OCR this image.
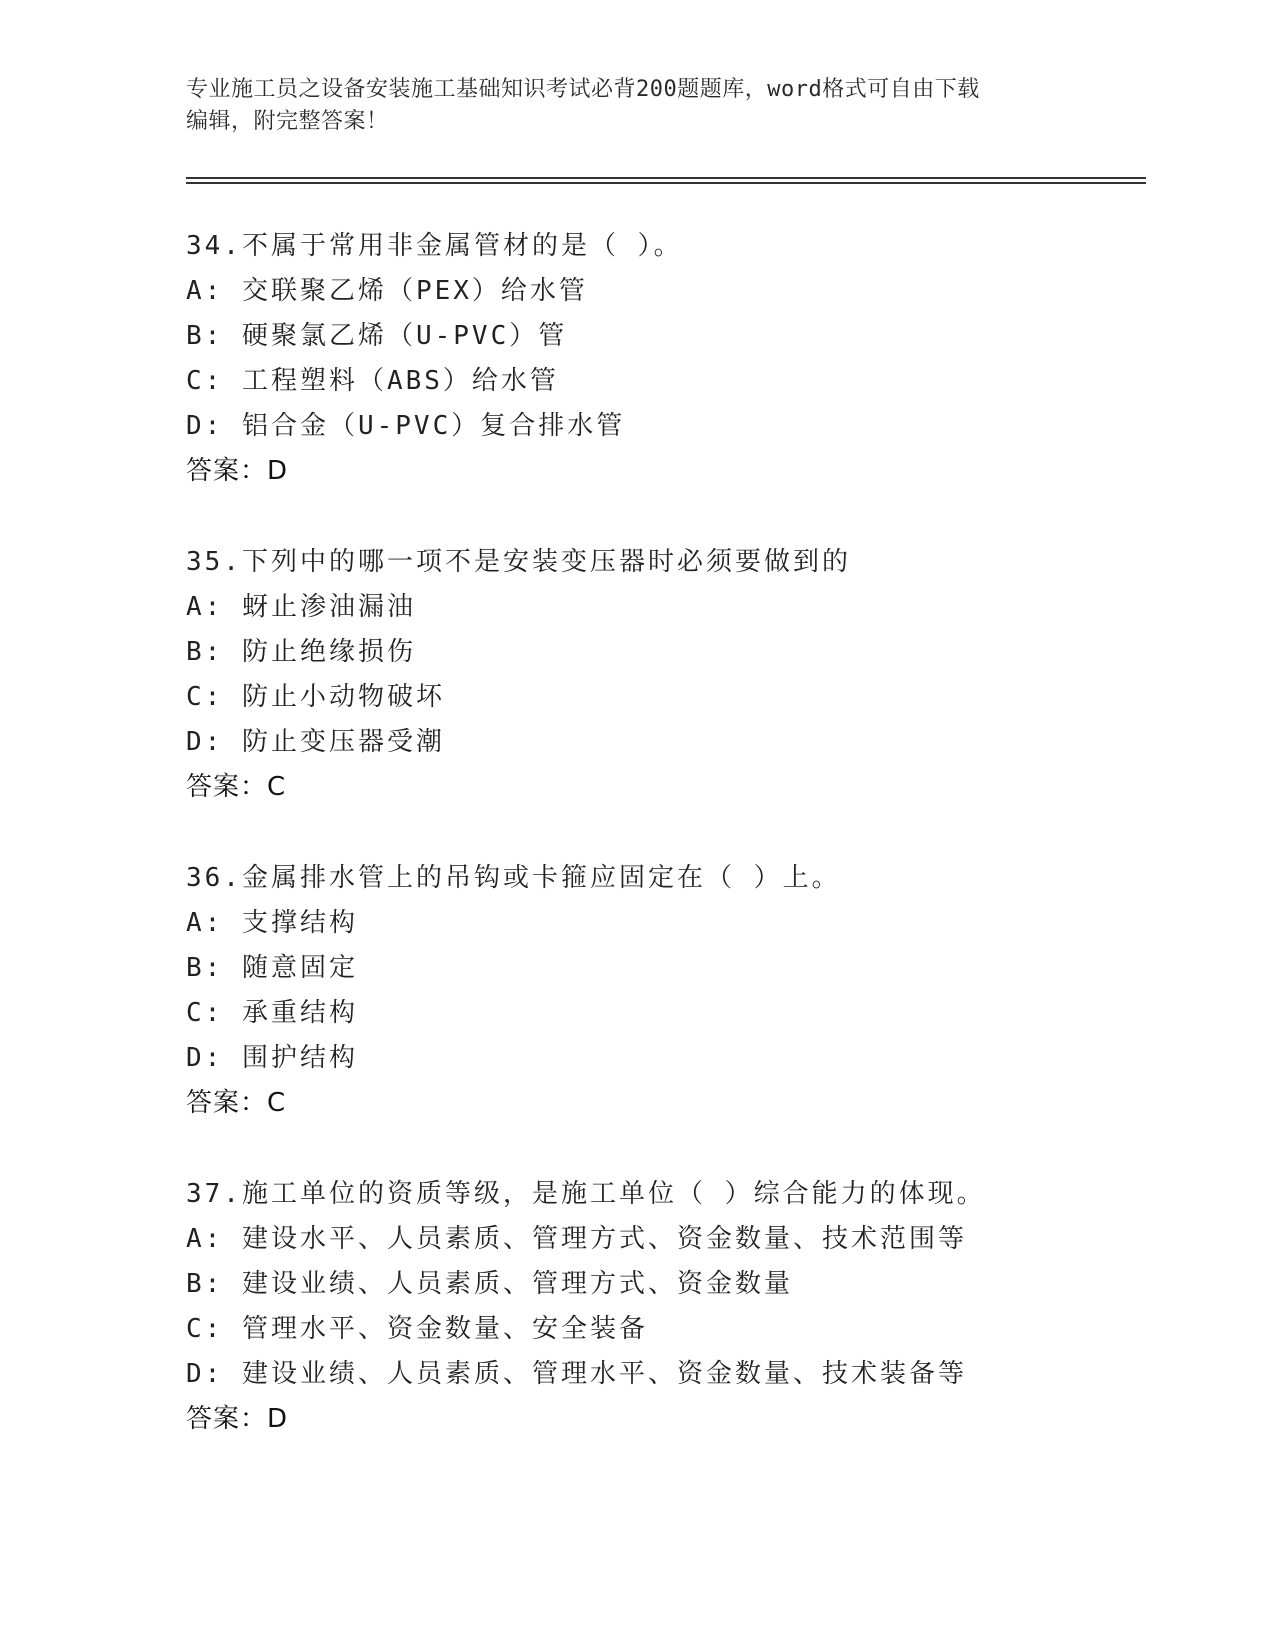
专业施工员之设备安装施工基础知识考试必背200题题库，word格式可自由下载
编辑，附完整答案！
34.不属于常用非金属管材的是（ ）。
A: 交联聚乙烯（PEX）给水管
B: 硬聚氯乙烯（U-PVC）管
C: 工程塑料（ABS）给水管
D: 铝合金（U-PVC）复合排水管
答案：D
35.下列中的哪一项不是安装变压器时必须要做到的
A: 蚜止渗油漏油
B: 防止绝缘损伤
C: 防止小动物破坏
D: 防止变压器受潮
答案：C
36.金属排水管上的吊钩或卡箍应固定在（ ）上。
A: 支撑结构
B: 随意固定
C: 承重结构
D: 围护结构
答案：C
37.施工单位的资质等级，是施工单位（ ）综合能力的体现。
A: 建设水平、人员素质、管理方式、资金数量、技术范围等
B: 建设业绩、人员素质、管理方式、资金数量
C: 管理水平、资金数量、安全装备
D: 建设业绩、人员素质、管理水平、资金数量、技术装备等
答案：D
